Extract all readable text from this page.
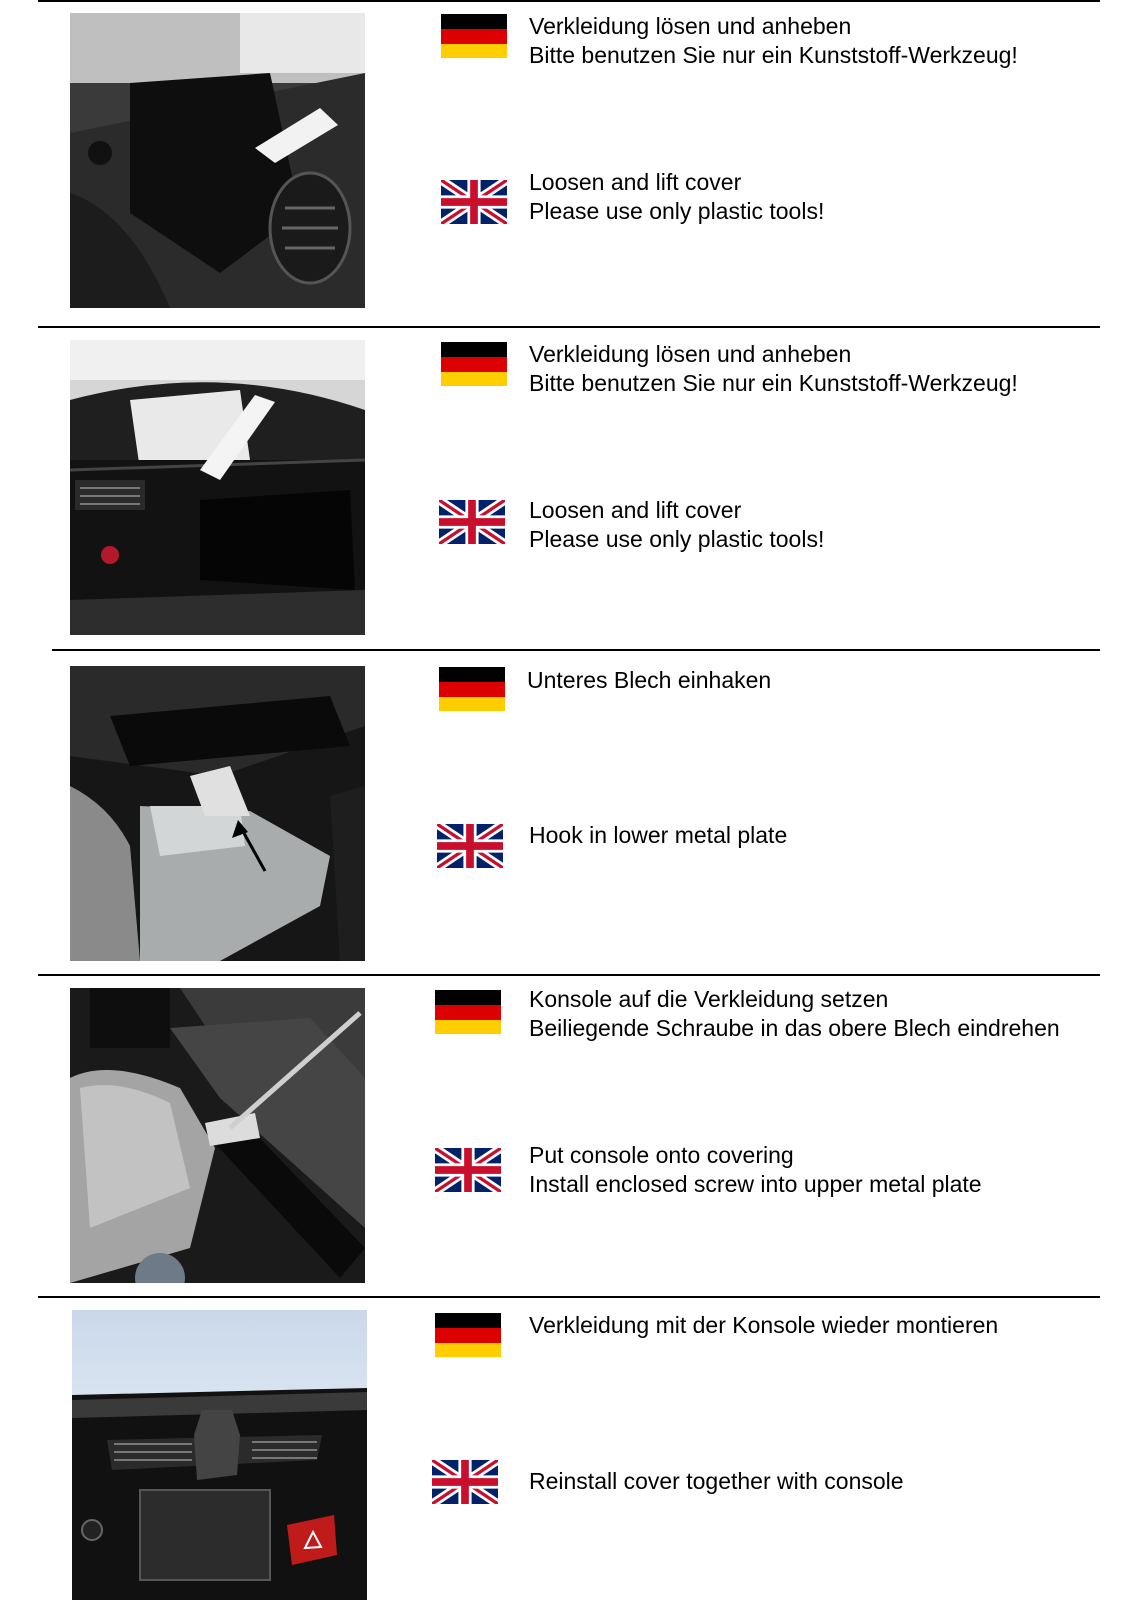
Verkleidung lösen und anheben
Bitte benutzen Sie nur ein Kunststoff-Werkzeug!
Loosen and lift cover
Please use only plastic tools!
Verkleidung lösen und anheben
Bitte benutzen Sie nur ein Kunststoff-Werkzeug!
Loosen and lift cover
Please use only plastic tools!
Unteres Blech einhaken
Hook in lower metal plate
Konsole auf die Verkleidung setzen
Beiliegende Schraube in das obere Blech eindrehen
Put console onto covering
Install enclosed screw into upper metal plate
Verkleidung mit der Konsole wieder montieren
Reinstall cover together with console
